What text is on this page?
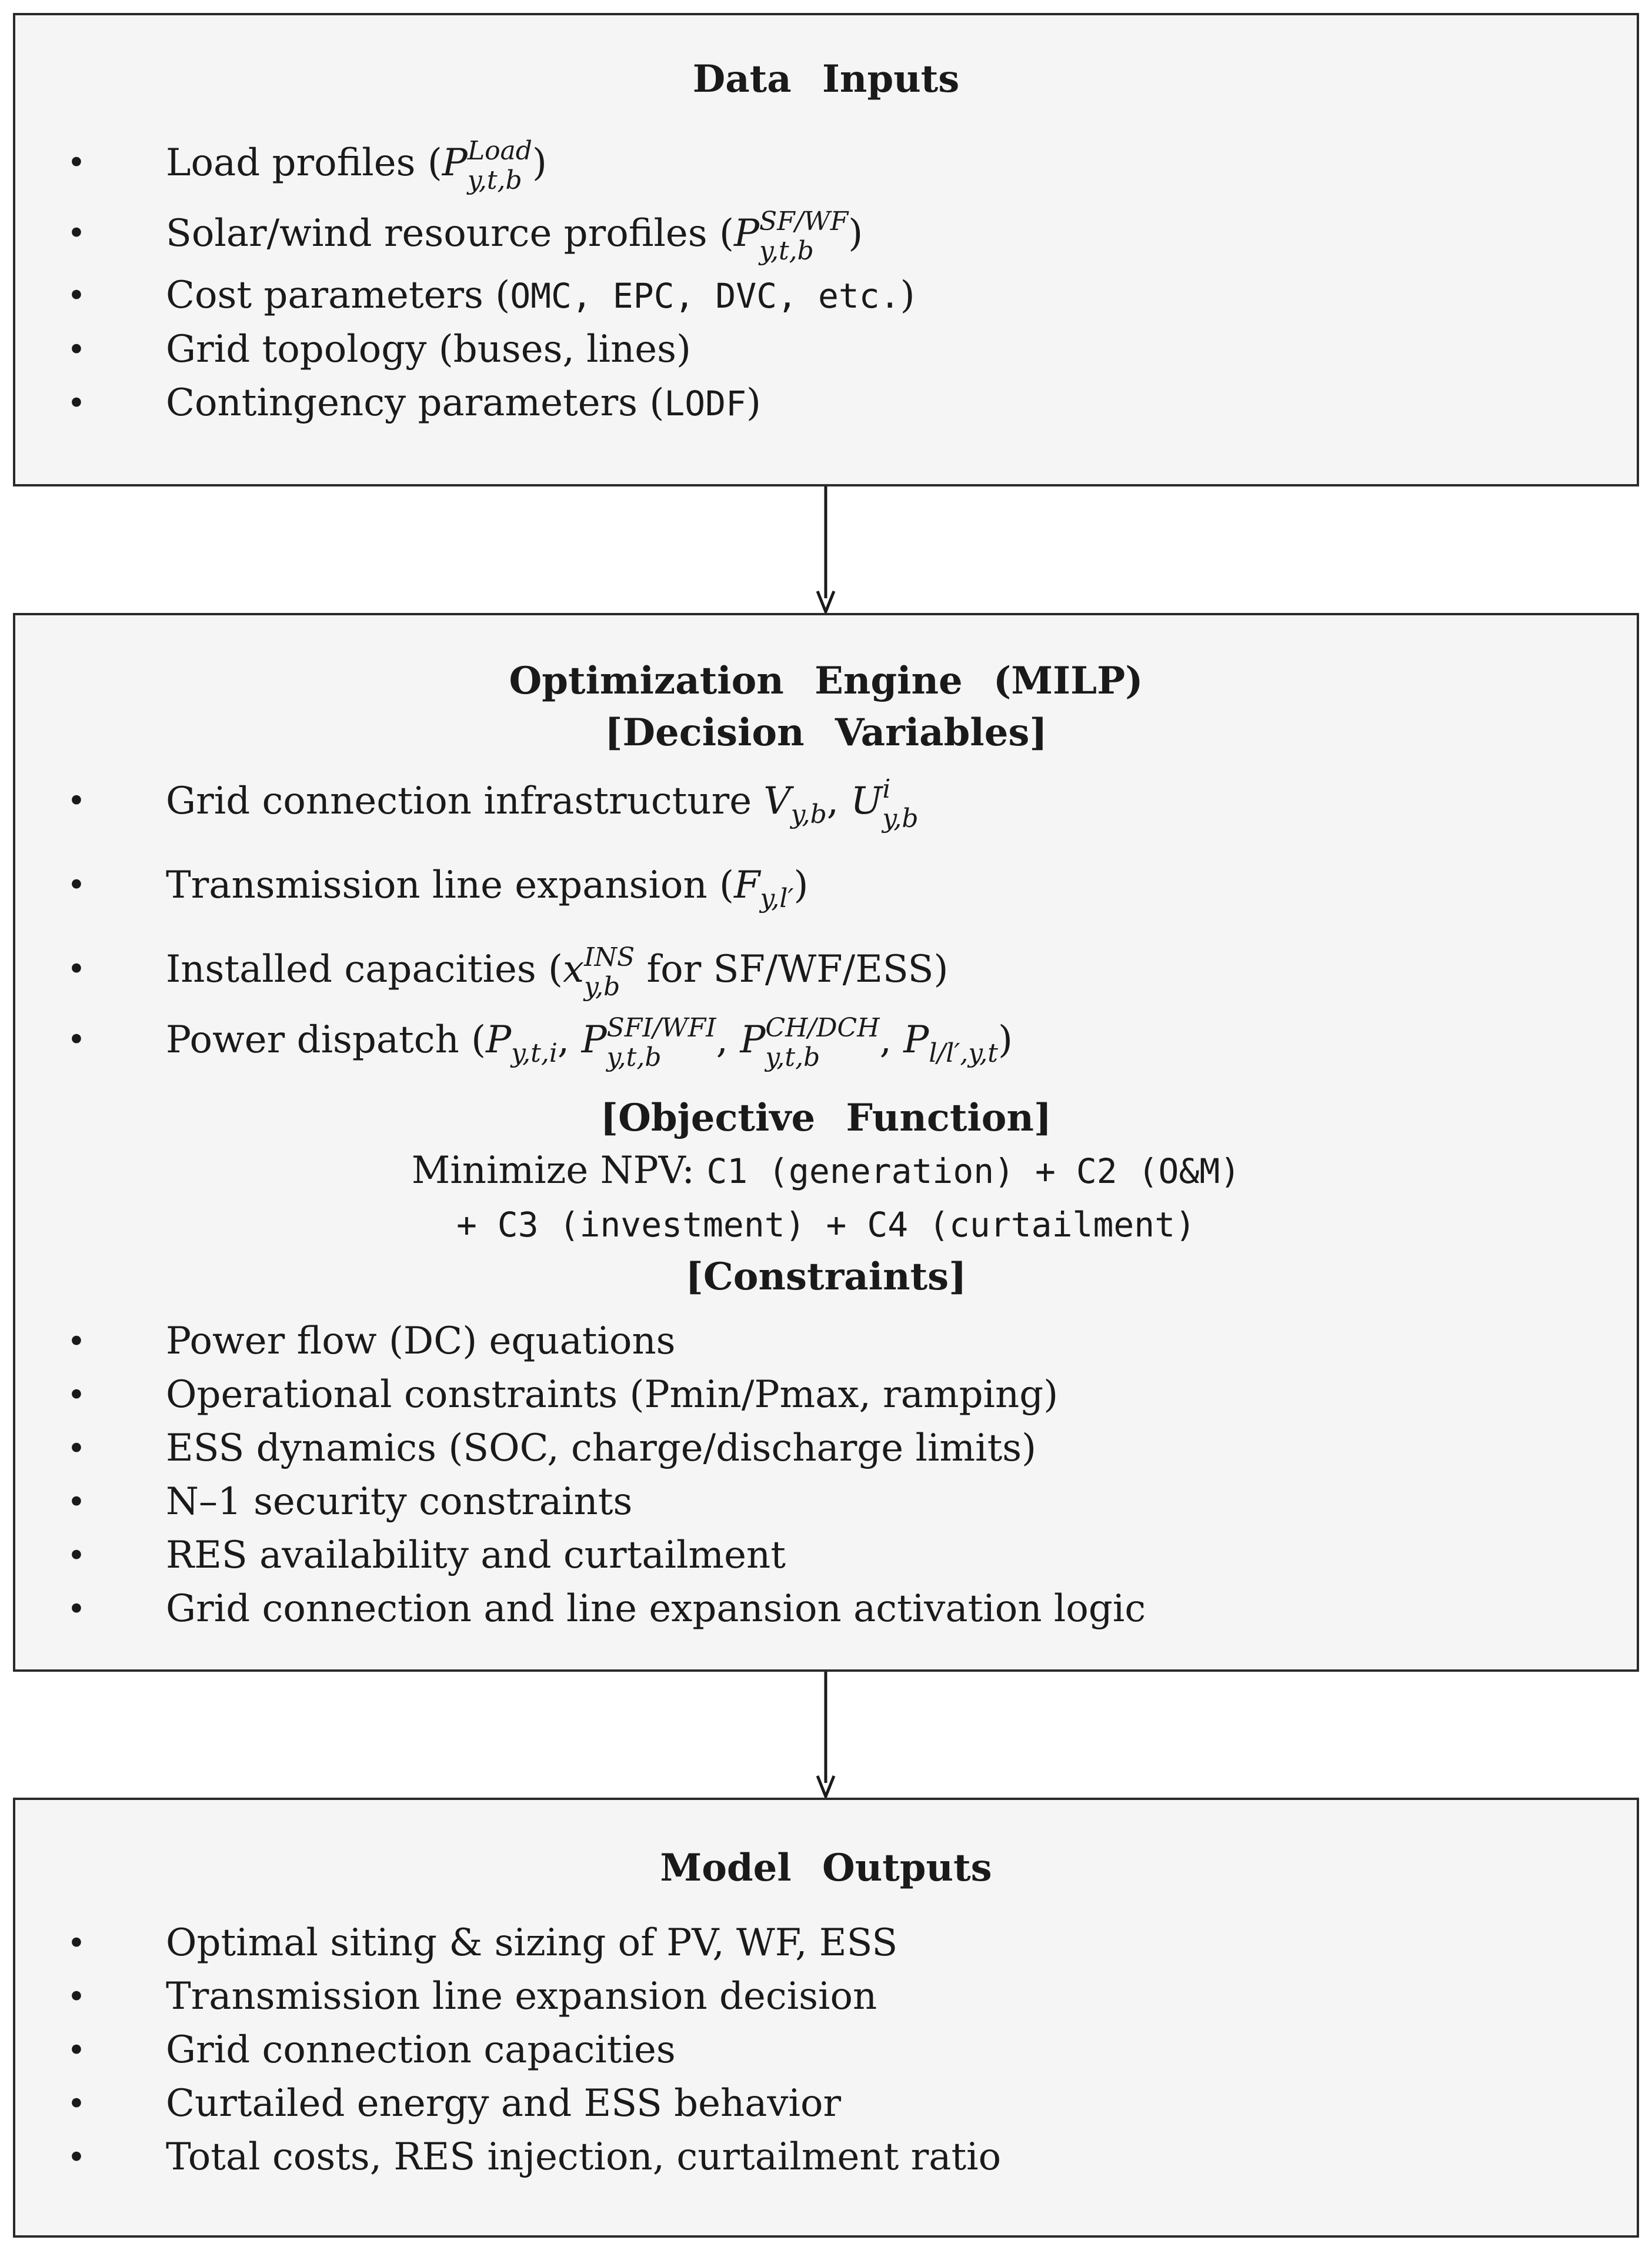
Data Inputs
• Load profiles (P Load
y,t,b )
• Solar/wind resource profiles (P SF/WF
y,t,b )
• Cost parameters (OMC, EPC, DVC, etc.)
• Grid topology (buses, lines)
• Contingency parameters (LODF)
Optimization Engine (MILP)
[Decision Variables]
• Grid connection infrastructure $V_{y,b}$, U i
y,b
• Transmission line expansion $(F_{y,l'})$
• Installed capacities (x INS
y,b for SF/WF/ESS)
• Power dispatch ($P_{y,t,i}$, P SFI/WFI
y,t,b	, P CH/DCH
y,t,b	, $P_{l/l',y,t}$)
[Objective Function]
Minimize NPV: C1 (generation) + C2 (O&M)
+ C3 (investment) + C4 (curtailment)
[Constraints]
• Power flow (DC) equations
• Operational constraints (Pmin/Pmax, ramping)
• ESS dynamics (SOC, charge/discharge limits)
• N–1 security constraints
• RES availability and curtailment
• Grid connection and line expansion activation logic
Model Outputs
• Optimal siting & sizing of PV, WF, ESS
• Transmission line expansion decision
• Grid connection capacities
• Curtailed energy and ESS behavior
• Total costs, RES injection, curtailment ratio
